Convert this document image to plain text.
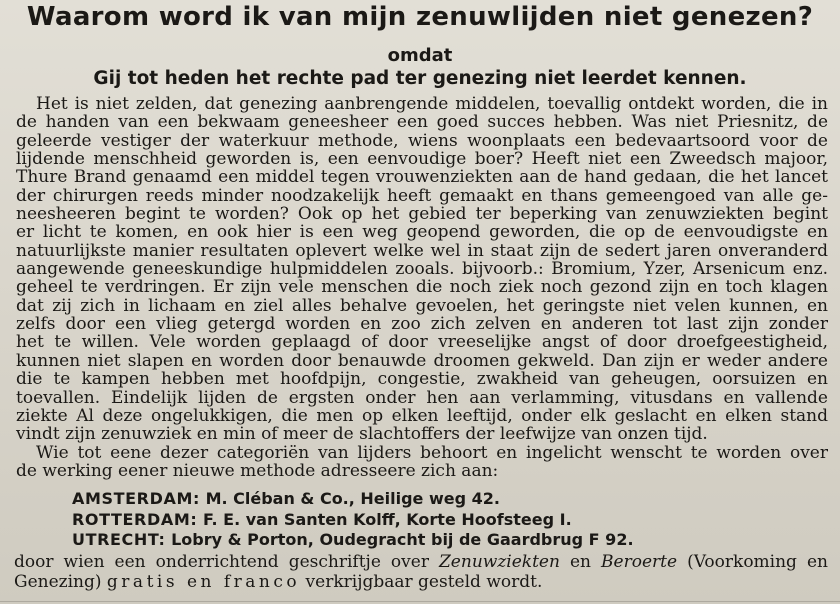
Waarom word ik van mijn zenuwlijden niet genezen?
omdat
Gij tot heden het rechte pad ter genezing niet leerdet kennen.
Het is niet zelden, dat genezing aanbrengende middelen, toevallig ontdekt worden, die in
de handen van een bekwaam geneesheer een goed succes hebben. Was niet Priesnitz, de
geleerde vestiger der waterkuur methode, wiens woonplaats een bedevaartsoord voor de
lijdende menschheid geworden is, een eenvoudige boer? Heeft niet een Zweedsch majoor,
Thure Brand genaamd een middel tegen vrouwenziekten aan de hand gedaan, die het lancet
der chirurgen reeds minder noodzakelijk heeft gemaakt en thans gemeengoed van alle ge-
neesheeren begint te worden? Ook op het gebied ter beperking van zenuwziekten begint
er licht te komen, en ook hier is een weg geopend geworden, die op de eenvoudigste en
natuurlijkste manier resultaten oplevert welke wel in staat zijn de sedert jaren onveranderd
aangewende geneeskundige hulpmiddelen zooals. bijvoorb.: Bromium, Yzer, Arsenicum enz.
geheel te verdringen. Er zijn vele menschen die noch ziek noch gezond zijn en toch klagen
dat zij zich in lichaam en ziel alles behalve gevoelen, het geringste niet velen kunnen, en
zelfs door een vlieg getergd worden en zoo zich zelven en anderen tot last zijn zonder
het te willen. Vele worden geplaagd of door vreeselijke angst of door droefgeestigheid,
kunnen niet slapen en worden door benauwde droomen gekweld. Dan zijn er weder andere
die te kampen hebben met hoofdpijn, congestie, zwakheid van geheugen, oorsuizen en
toevallen. Eindelijk lijden de ergsten onder hen aan verlamming, vitusdans en vallende
ziekte Al deze ongelukkigen, die men op elken leeftijd, onder elk geslacht en elken stand
vindt zijn zenuwziek en min of meer de slachtoffers der leefwijze van onzen tijd.
Wie tot eene dezer categoriën van lijders behoort en ingelicht wenscht te worden over
de werking eener nieuwe methode adresseere zich aan:
AMSTERDAM: M. Cléban & Co., Heilige weg 42.
ROTTERDAM: F. E. van Santen Kolff, Korte Hoofsteeg I.
UTRECHT: Lobry & Porton, Oudegracht bij de Gaardbrug F 92.
door wien een onderrichtend geschriftje over Zenuwziekten en Beroerte (Voorkoming en
Genezing) gratis en franco verkrijgbaar gesteld wordt.
